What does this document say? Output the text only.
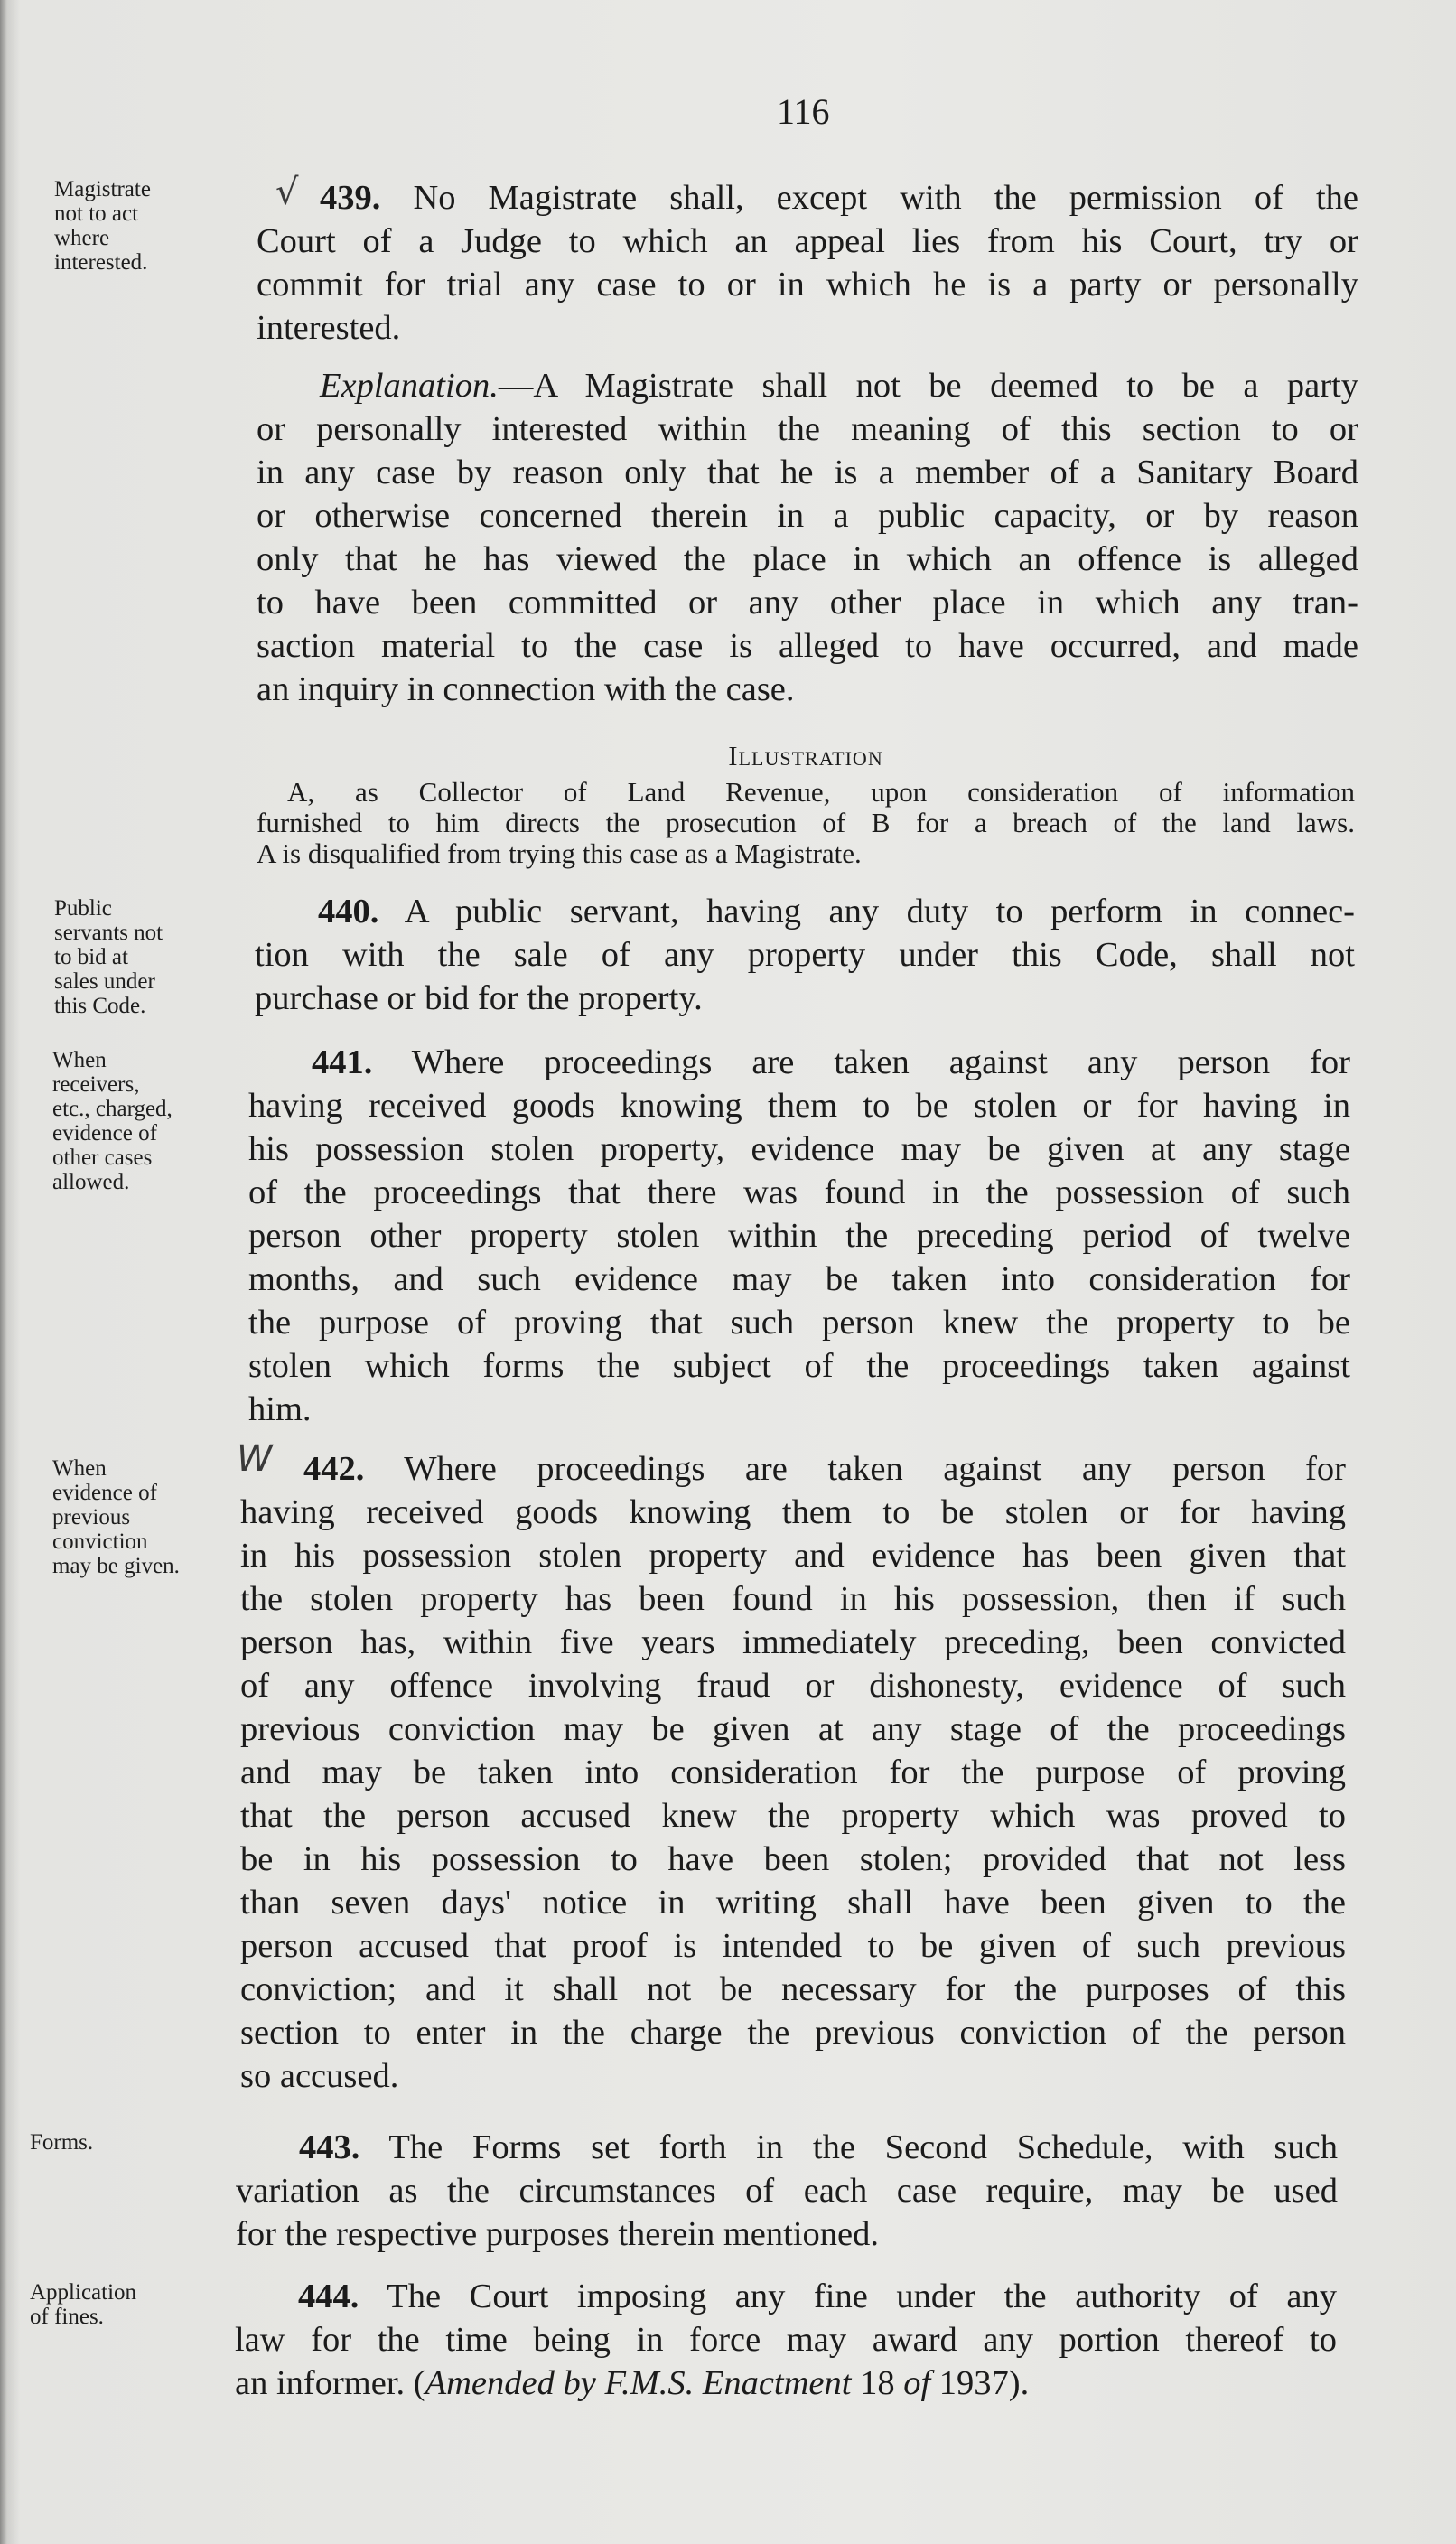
116
Magistrate
not to act
where
interested.
Public
servants not
to bid at
sales under
this Code.
When
receivers,
etc., charged,
evidence of
other cases
allowed.
When
evidence of
previous
conviction
may be given.
Forms.
Application
of fines.
√
W
439. No Magistrate shall, except with the permission of the
Court of a Judge to which an appeal lies from his Court, try or
commit for trial any case to or in which he is a party or personally
interested.
Explanation.—A Magistrate shall not be deemed to be a party
or personally interested within the meaning of this section to or
in any case by reason only that he is a member of a Sanitary Board
or otherwise concerned therein in a public capacity, or by reason
only that he has viewed the place in which an offence is alleged
to have been committed or any other place in which any tran-
saction material to the case is alleged to have occurred, and made
an inquiry in connection with the case.
Illustration
A, as Collector of Land Revenue, upon consideration of information
furnished to him directs the prosecution of B for a breach of the land laws.
A is disqualified from trying this case as a Magistrate.
440. A public servant, having any duty to perform in connec-
tion with the sale of any property under this Code, shall not
purchase or bid for the property.
441. Where proceedings are taken against any person for
having received goods knowing them to be stolen or for having in
his possession stolen property, evidence may be given at any stage
of the proceedings that there was found in the possession of such
person other property stolen within the preceding period of twelve
months, and such evidence may be taken into consideration for
the purpose of proving that such person knew the property to be
stolen which forms the subject of the proceedings taken against
him.
442. Where proceedings are taken against any person for
having received goods knowing them to be stolen or for having
in his possession stolen property and evidence has been given that
the stolen property has been found in his possession, then if such
person has, within five years immediately preceding, been convicted
of any offence involving fraud or dishonesty, evidence of such
previous conviction may be given at any stage of the proceedings
and may be taken into consideration for the purpose of proving
that the person accused knew the property which was proved to
be in his possession to have been stolen; provided that not less
than seven days' notice in writing shall have been given to the
person accused that proof is intended to be given of such previous
conviction; and it shall not be necessary for the purposes of this
section to enter in the charge the previous conviction of the person
so accused.
443. The Forms set forth in the Second Schedule, with such
variation as the circumstances of each case require, may be used
for the respective purposes therein mentioned.
444. The Court imposing any fine under the authority of any
law for the time being in force may award any portion thereof to
an informer. (Amended by F.M.S. Enactment 18 of 1937).
